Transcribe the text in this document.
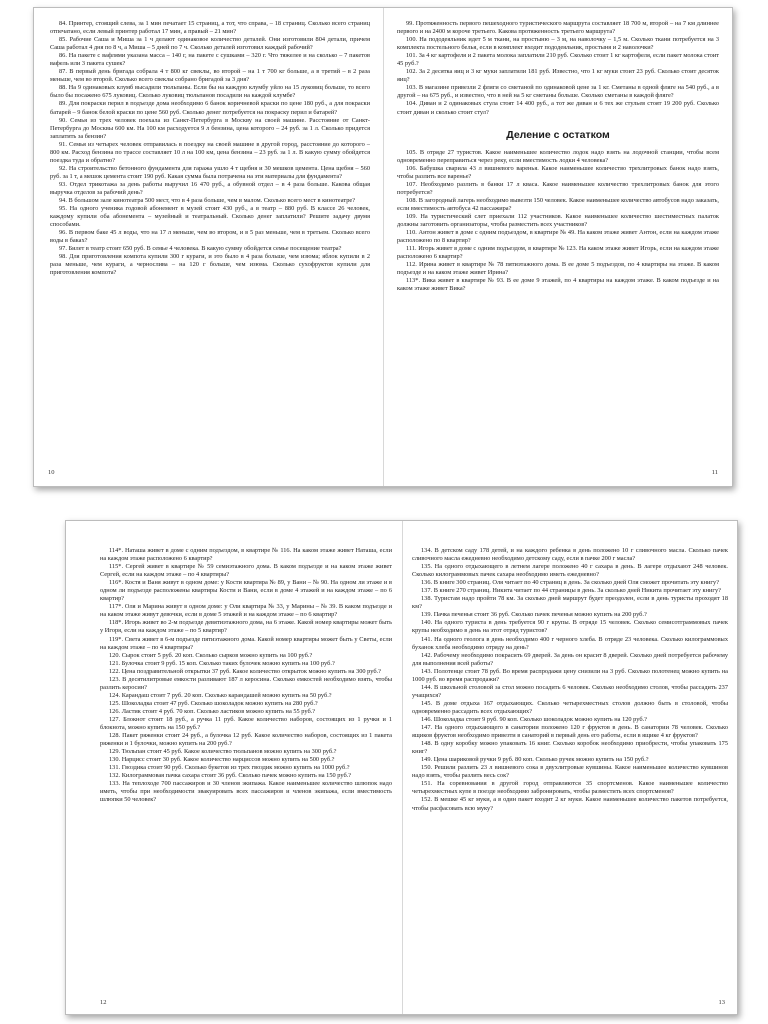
84. Принтер, стоящий слева, за 1 мин печатает 15 страниц, а тот, что справа, – 18 страниц. Сколько всего страниц отпечатано, если левый принтер работал 17 мин, а правый – 21 мин?

85. Рабочие Саша и Миша за 1 ч делают одинаковое количество деталей. Они изготовили 804 детали, причем Саша работал 4 дня по 8 ч, а Миша – 5 дней по 7 ч. Сколько деталей изготовил каждый рабочий?

86. На пакете с вафлями указана масса – 140 г, на пакете с сушками – 320 г. Что тяжелее и на сколько – 7 пакетов вафель или 3 пакета сушек?

87. В первый день бригада собрала 4 т 800 кг свеклы, во второй – на 1 т 700 кг больше, а в третий – в 2 раза меньше, чем во второй. Сколько всего свеклы собрано бригадой за 3 дня?

88. На 9 одинаковых клумб высадили тюльпаны. Если бы на каждую клумбу уйло на 15 луковиц больше, то всего было бы посажено 675 луковиц. Сколько луковиц тюльпанов посадили на каждой клумбе?

89. Для покраски перил в подъезде дома необходимо 6 банок коричневой краски по цене 180 руб., а для покраски батарей – 9 банок белой краски по цене 560 руб. Сколько денег потребуется на покраску перил и батарей?

90. Семья из трех человек поехала из Санкт-Петербурга в Москву на своей машине. Расстояние от Санкт-Петербурга до Москвы 600 км. На 100 км расходуется 9 л бензина, цена которого – 24 руб. за 1 л. Сколько придется заплатить за бензин?

91. Семья из четырех человек отправилась в поездку на своей машине в другой город, расстояние до которого – 800 км. Расход бензина по трассе составляет 10 л на 100 км, цена бензина – 23 руб. за 1 л. В какую сумму обойдется поездка туда и обратно?

92. На строительство бетонного фундамента для гаража ушло 4 т щебня и 30 мешков цемента. Цена щебня – 560 руб. за 1 т, а мешок цемента стоит 190 руб. Какая сумма была потрачена на эти материалы для фундамента?

93. Отдел трикотажа за день работы выручил 16 470 руб., а обувной отдел – в 4 раза больше. Какова общая выручка отделов за рабочий день?

94. В большом зале кинотеатра 500 мест, что в 4 раза больше, чем в малом. Сколько всего мест в кинотеатре?

95. На одного ученика годовой абонемент в музей стоит 430 руб., а в театр – 880 руб. В классе 26 человек, каждому купили оба абонемента – музейный и театральный. Сколько денег заплатили? Решите задачу двумя способами.

96. В первом баке 45 л воды, что на 17 л меньше, чем во втором, и в 5 раз меньше, чем в третьем. Сколько всего воды в баках?

97. Билет в театр стоит 650 руб. В семье 4 человека. В какую сумму обойдется семье посещение театра?

98. Для приготовления компота купили 300 г кураги, и это было в 4 раза больше, чем изюма; яблок купили в 2 раза меньше, чем кураги, а чернослива – на 120 г больше, чем изюма. Сколько сухофруктов купили для приготовления компота?

99. Протяженность первого пешеходного туристического маршрута составляет 18 700 м, второй – на 7 км длиннее первого и на 2400 м короче третьего. Какова протяженность третьего маршрута?

100. На пододеяльник идет 5 м ткани, на простыню – 3 м, на наволочку – 1,5 м. Сколько ткани потребуется на 3 комплекта постельного белья, если в комплект входит пододеяльник, простыня и 2 наволочки?

101. За 4 кг картофеля и 2 пакета молока заплатили 210 руб. Сколько стоит 1 кг картофеля, если пакет молока стоит 45 руб.?

102. За 2 десятка яиц и 3 кг муки заплатили 181 руб. Известно, что 1 кг муки стоит 23 руб. Сколько стоит десяток яиц?

103. В магазине привезли 2 фляги со сметаной по одинаковой цене за 1 кг. Сметаны в одной фляге на 540 руб., а в другой – на 675 руб., и известно, что в ней на 5 кг сметаны больше. Сколько сметаны в каждой фляге?

104. Диван и 2 одинаковых стула стоят 14 400 руб., а тот же диван и 6 тех же стульев стоят 19 200 руб. Сколько стоит диван и сколько стоит стул?

Деление с остатком

105. В отряде 27 туристов. Какое наименьшее количество лодок надо взять на лодочной станции, чтобы всем одновременно переправиться через реку, если вместимость лодки 4 человека?

106. Бабушка сварила 43 л вишневого варенья. Какое наименьшее количество трехлитровых банок надо взять, чтобы разлить все варенье?

107. Необходимо разлить в банки 17 л кваса. Какое наименьшее количество трехлитровых банок для этого потребуется?

108. В загородный лагерь необходимо вывезти 150 человек. Какое наименьшее количество автобусов надо заказать, если вместимость автобуса 42 пассажира?

109. На туристический слет приехали 112 участников. Какое наименьшее количество шестиместных палаток должны заготовить организаторы, чтобы разместить всех участников?

110. Антон живет в доме с одним подъездом, в квартире № 49. На каком этаже живет Антон, если на каждом этаже расположено по 8 квартир?

111. Игорь живет в доме с одним подъездом, в квартире № 123. На каком этаже живет Игорь, если на каждом этаже расположено 6 квартир?

112. Ирина живет в квартире № 78 пятиэтажного дома. В ее доме 5 подъездов, по 4 квартиры на этаже. В каком подъезде и на каком этаже живет Ирина?

113*. Вика живет в квартире № 93. В ее доме 9 этажей, по 4 квартиры на каждом этаже. В каком подъезде и на каком этаже живет Вика?

10	11

114*. Наташа живет в доме с одним подъездом, в квартире № 116. На каком этаже живет Наташа, если на каждом этаже расположено 6 квартир?

115*. Сергей живет в квартире № 59 семиэтажного дома. В каком подъезде и на каком этаже живет Сергей, если на каждом этаже – по 4 квартиры?

116*. Костя и Ваня живут в одном доме: у Кости квартира № 89, у Вани – № 90. На одном ли этаже и в одном ли подъезде расположены квартиры Кости и Вани, если в доме 4 этажей и на каждом этаже – по 6 квартир?

117*. Оля и Марина живут в одном доме: у Оли квартира № 33, у Марины – № 39. В каком подъезде и на каком этаже живут девочки, если в доме 5 этажей и на каждом этаже – по 6 квартир?

118*. Игорь живет во 2-м подъезде девятиэтажного дома, на 6 этаже. Какой номер квартиры может быть у Игоря, если на каждом этаже – по 5 квартир?

119*. Света живет в 6-м подъезде пятиэтажного дома. Какой номер квартиры может быть у Светы, если на каждом этаже – по 4 квартиры?

120. Сырок стоит 5 руб. 20 коп. Сколько сырков можно купить на 100 руб.?

121. Булочка стоит 9 руб. 15 коп. Сколько таких булочек можно купить на 100 руб.?

122. Цена поздравительной открытки 37 руб. Какое количество открыток можно купить на 300 руб.?

123. В десятилитровые емкости разливают 187 л керосина. Сколько емкостей необходимо взять, чтобы разлить керосин?

124. Карандаш стоит 7 руб. 20 коп. Сколько карандашей можно купить на 50 руб.?

125. Шоколадка стоит 47 руб. Сколько шоколадок можно купить на 280 руб.?

126. Ластик стоит 4 руб. 70 коп. Сколько ластиков можно купить на 55 руб.?

127. Блокнот стоит 18 руб., а ручка 11 руб. Какое количество наборов, состоящих из 1 ручки и 1 блокнота, можно купить на 150 руб.?

128. Пакет ряженки стоит 24 руб., а булочка 12 руб. Какое количество наборов, состоящих из 1 пакета ряженки и 1 булочки, можно купить на 200 руб.?

129. Тюльпан стоит 45 руб. Какое количество тюльпанов можно купить на 300 руб.?

130. Нарцисс стоит 30 руб. Какое количество нарциссов можно купить на 500 руб.?

131. Гвоздика стоит 90 руб. Сколько букетов из трех гвоздик можно купить на 1000 руб.?

132. Килограммовая пачка сахара стоит 36 руб. Сколько пачек можно купить на 150 руб.?

133. На теплоходе 700 пассажиров и 30 членов экипажа. Какое наименьшее количество шлюпок надо иметь, чтобы при необходимости эвакуировать всех пассажиров и членов экипажа, если вместимость шлюпки 50 человек?

134. В детском саду 178 детей, и на каждого ребенка в день положено 10 г сливочного масла. Сколько пачек сливочного масла ежедневно необходимо детскому саду, если в пачке 200 г масла?

135. На одного отдыхающего в летнем лагере положено 40 г сахара в день. В лагере отдыхают 248 человек. Сколько килограммовых пачек сахара необходимо иметь ежедневно?

136. В книге 300 страниц. Оля читает по 40 страниц в день. За сколько дней Оля сможет прочитать эту книгу?

137. В книге 270 страниц. Никита читает по 44 страницы в день. За сколько дней Никита прочитает эту книгу?

138. Туристам надо пройти 78 км. За сколько дней маршрут будет преодолен, если в день туристы проходят 18 км?

139. Пачка печенья стоит 36 руб. Сколько пачек печенья можно купить на 200 руб.?

140. На одного туриста в день требуется 90 г крупы. В отряде 15 человек. Сколько семисотграммовых пачек крупы необходимо в день на этот отряд туристов?

141. На одного геолога в день необходимо 400 г черного хлеба. В отряде 23 человека. Сколько килограммовых буханок хлеба необходимо отряду на день?

142. Рабочему необходимо покрасить 69 дверей. За день он красит 8 дверей. Сколько дней потребуется рабочему для выполнения всей работы?

143. Полотенце стоит 78 руб. Во время распродажи цену снизили на 3 руб. Сколько полотенец можно купить на 1000 руб. во время распродажи?

144. В школьной столовой за стол можно посадить 6 человек. Сколько необходимо столов, чтобы рассадить 237 учащихся?

145. В доме отдыха 167 отдыхающих. Сколько четырехместных столов должно быть в столовой, чтобы одновременно рассадить всех отдыхающих?

146. Шоколадка стоит 9 руб. 90 коп. Сколько шоколадок можно купить на 120 руб.?

147. На одного отдыхающего в санатории положено 120 г фруктов в день. В санатории 78 человек. Сколько ящиков фруктов необходимо привезти в санаторий в первый день его работы, если в ящике 4 кг фруктов?

148. В одну коробку можно упаковать 16 книг. Сколько коробок необходимо приобрести, чтобы упаковать 175 книг?

149. Цена шариковой ручки 9 руб. 80 коп. Сколько ручек можно купить на 150 руб.?

150. Решили разлить 23 л вишневого сока в двухлитровые кувшины. Какое наименьшее количество кувшинов надо взять, чтобы разлить весь сок?

151. На соревнования в другой город отправляются 35 спортсменов. Какое наименьшее количество четырехместных купе в поезде необходимо забронировать, чтобы разместить всех спортсменов?

152. В мешке 45 кг муки, а в один пакет входит 2 кг муки. Какое наименьшее количество пакетов потребуется, чтобы расфасовать всю муку?

12	13
